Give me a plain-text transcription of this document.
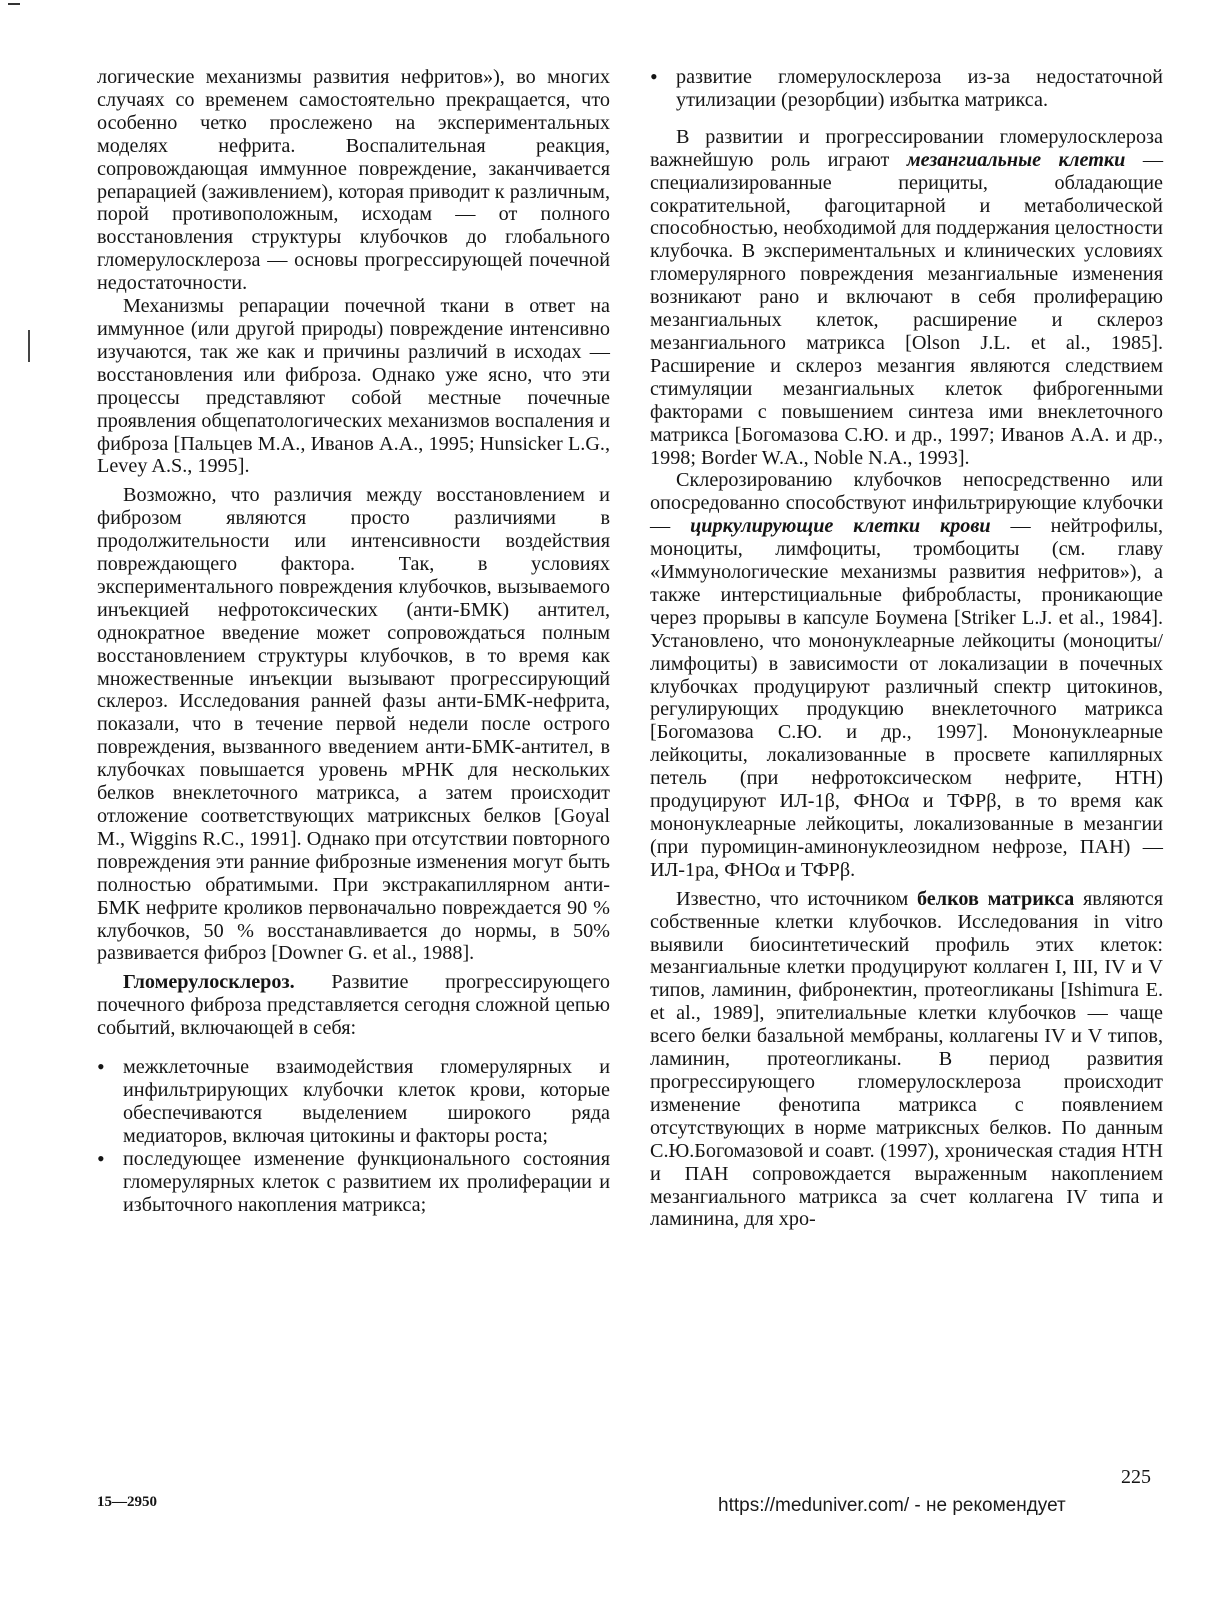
логические механизмы развития нефритов»), во многих случаях со временем самостоятельно прекращается, что особенно четко прослежено на экспериментальных моделях нефрита. Воспалительная реакция, сопровождающая иммунное повреждение, заканчивается репарацией (заживлением), которая приводит к различным, порой противоположным, исходам — от полного восстановления структуры клубочков до глобального гломерулосклероза — основы прогрессирующей почечной недостаточности.

Механизмы репарации почечной ткани в ответ на иммунное (или другой природы) повреждение интенсивно изучаются, так же как и причины различий в исходах — восстановления или фиброза. Однако уже ясно, что эти процессы представляют собой местные почечные проявления общепатологических механизмов воспаления и фиброза [Пальцев М.А., Иванов А.А., 1995; Hunsicker L.G., Levey A.S., 1995].

Возможно, что различия между восстановлением и фиброзом являются просто различиями в продолжительности или интенсивности воздействия повреждающего фактора. Так, в условиях экспериментального повреждения клубочков, вызываемого инъекцией нефротоксических (анти-БМК) антител, однократное введение может сопровождаться полным восстановлением структуры клубочков, в то время как множественные инъекции вызывают прогрессирующий склероз. Исследования ранней фазы анти-БМК-нефрита, показали, что в течение первой недели после острого повреждения, вызванного введением анти-БМК-антител, в клубочках повышается уровень мРНК для нескольких белков внеклеточного матрикса, а затем происходит отложение соответствующих матриксных белков [Goyal M., Wiggins R.C., 1991]. Однако при отсутствии повторного повреждения эти ранние фиброзные изменения могут быть полностью обратимыми. При экстракапиллярном анти-БМК нефрите кроликов первоначально повреждается 90 % клубочков, 50 % восстанавливается до нормы, в 50% развивается фиброз [Downer G. et al., 1988].

Гломерулосклероз. Развитие прогрессирующего почечного фиброза представляется сегодня сложной цепью событий, включающей в себя:

• межклеточные взаимодействия гломерулярных и инфильтрирующих клубочки клеток крови, которые обеспечиваются выделением широкого ряда медиаторов, включая цитокины и факторы роста;

• последующее изменение функционального состояния гломерулярных клеток с развитием их пролиферации и избыточного накопления матрикса;

• развитие гломерулосклероза из-за недостаточной утилизации (резорбции) избытка матрикса.

В развитии и прогрессировании гломерулосклероза важнейшую роль играют мезангиальные клетки — специализированные перициты, обладающие сократительной, фагоцитарной и метаболической способностью, необходимой для поддержания целостности клубочка. В экспериментальных и клинических условиях гломерулярного повреждения мезангиальные изменения возникают рано и включают в себя пролиферацию мезангиальных клеток, расширение и склероз мезангиального матрикса [Olson J.L. et al., 1985]. Расширение и склероз мезангия являются следствием стимуляции мезангиальных клеток фиброгенными факторами с повышением синтеза ими внеклеточного матрикса [Богомазова С.Ю. и др., 1997; Иванов А.А. и др., 1998; Border W.A., Noble N.A., 1993].

Склерозированию клубочков непосредственно или опосредованно способствуют инфильтрирующие клубочки — циркулирующие клетки крови — нейтрофилы, моноциты, лимфоциты, тромбоциты (см. главу «Иммунологические механизмы развития нефритов»), а также интерстициальные фибробласты, проникающие через прорывы в капсуле Боумена [Striker L.J. et al., 1984]. Установлено, что мононуклеарные лейкоциты (моноциты/лимфоциты) в зависимости от локализации в почечных клубочках продуцируют различный спектр цитокинов, регулирующих продукцию внеклеточного матрикса [Богомазова С.Ю. и др., 1997]. Мононуклеарные лейкоциты, локализованные в просвете капиллярных петель (при нефротоксическом нефрите, НТН) продуцируют ИЛ-1β, ФНОα и ТФРβ, в то время как мононуклеарные лейкоциты, локализованные в мезангии (при пуромицин-аминонуклеозидном нефрозе, ПАН) — ИЛ-1ра, ФНОα и ТФРβ.

Известно, что источником белков матрикса являются собственные клетки клубочков. Исследования in vitro выявили биосинтетический профиль этих клеток: мезангиальные клетки продуцируют коллаген I, III, IV и V типов, ламинин, фибронектин, протеогликаны [Ishimura E. et al., 1989], эпителиальные клетки клубочков — чаще всего белки базальной мембраны, коллагены IV и V типов, ламинин, протеогликаны. В период развития прогрессирующего гломерулосклероза происходит изменение фенотипа матрикса с появлением отсутствующих в норме матриксных белков. По данным С.Ю.Богомазовой и соавт. (1997), хроническая стадия НТН и ПАН сопровождается выраженным накоплением мезангиального матрикса за счет коллагена IV типа и ламинина, для хро-

225
15—2950	https://meduniver.com/ - не рекомендует
